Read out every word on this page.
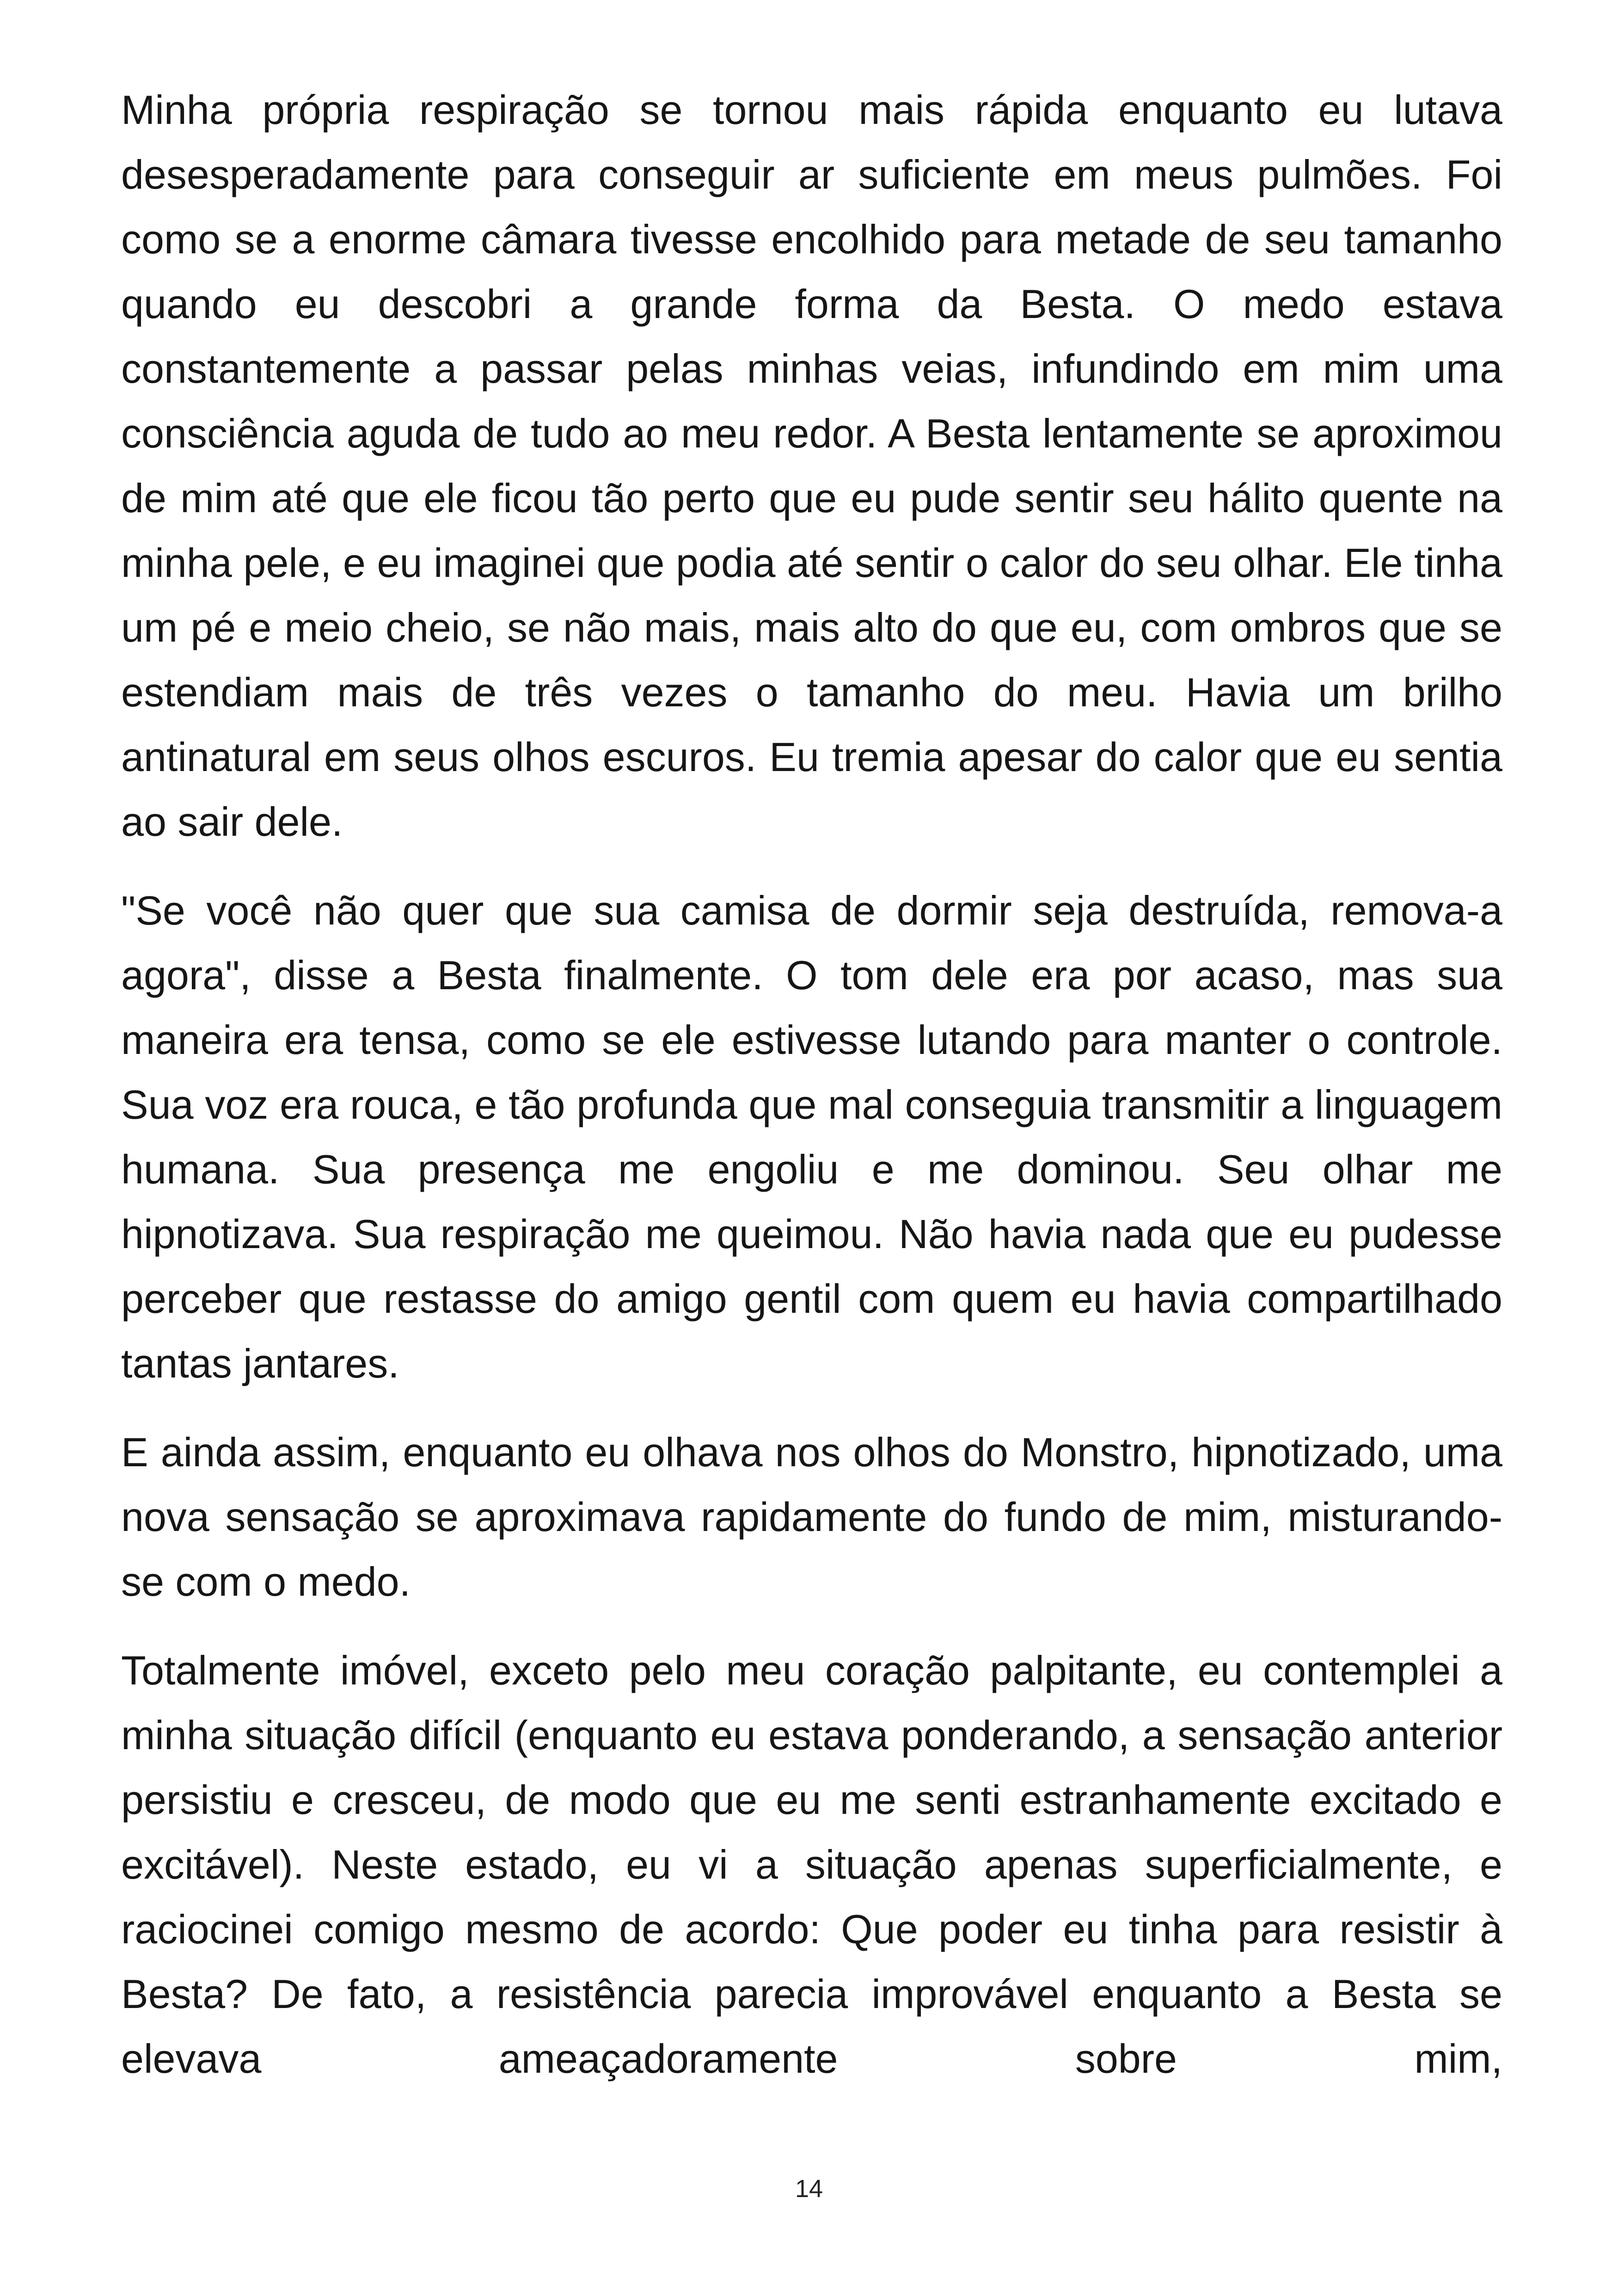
Minha própria respiração se tornou mais rápida enquanto eu lutava desesperadamente para conseguir ar suficiente em meus pulmões. Foi como se a enorme câmara tivesse encolhido para metade de seu tamanho quando eu descobri a grande forma da Besta. O medo estava constantemente a passar pelas minhas veias, infundindo em mim uma consciência aguda de tudo ao meu redor. A Besta lentamente se aproximou de mim até que ele ficou tão perto que eu pude sentir seu hálito quente na minha pele, e eu imaginei que podia até sentir o calor do seu olhar. Ele tinha um pé e meio cheio, se não mais, mais alto do que eu, com ombros que se estendiam mais de três vezes o tamanho do meu. Havia um brilho antinatural em seus olhos escuros. Eu tremia apesar do calor que eu sentia ao sair dele.

"Se você não quer que sua camisa de dormir seja destruída, remova-a agora", disse a Besta finalmente. O tom dele era por acaso, mas sua maneira era tensa, como se ele estivesse lutando para manter o controle. Sua voz era rouca, e tão profunda que mal conseguia transmitir a linguagem humana. Sua presença me engoliu e me dominou. Seu olhar me hipnotizava. Sua respiração me queimou. Não havia nada que eu pudesse perceber que restasse do amigo gentil com quem eu havia compartilhado tantas jantares.

E ainda assim, enquanto eu olhava nos olhos do Monstro, hipnotizado, uma nova sensação se aproximava rapidamente do fundo de mim, misturando-se com o medo.

Totalmente imóvel, exceto pelo meu coração palpitante, eu contemplei a minha situação difícil (enquanto eu estava ponderando, a sensação anterior persistiu e cresceu, de modo que eu me senti estranhamente excitado e excitável). Neste estado, eu vi a situação apenas superficialmente, e raciocinei comigo mesmo de acordo: Que poder eu tinha para resistir à Besta? De fato, a resistência parecia improvável enquanto a Besta se elevava ameaçadoramente sobre mim,

14
